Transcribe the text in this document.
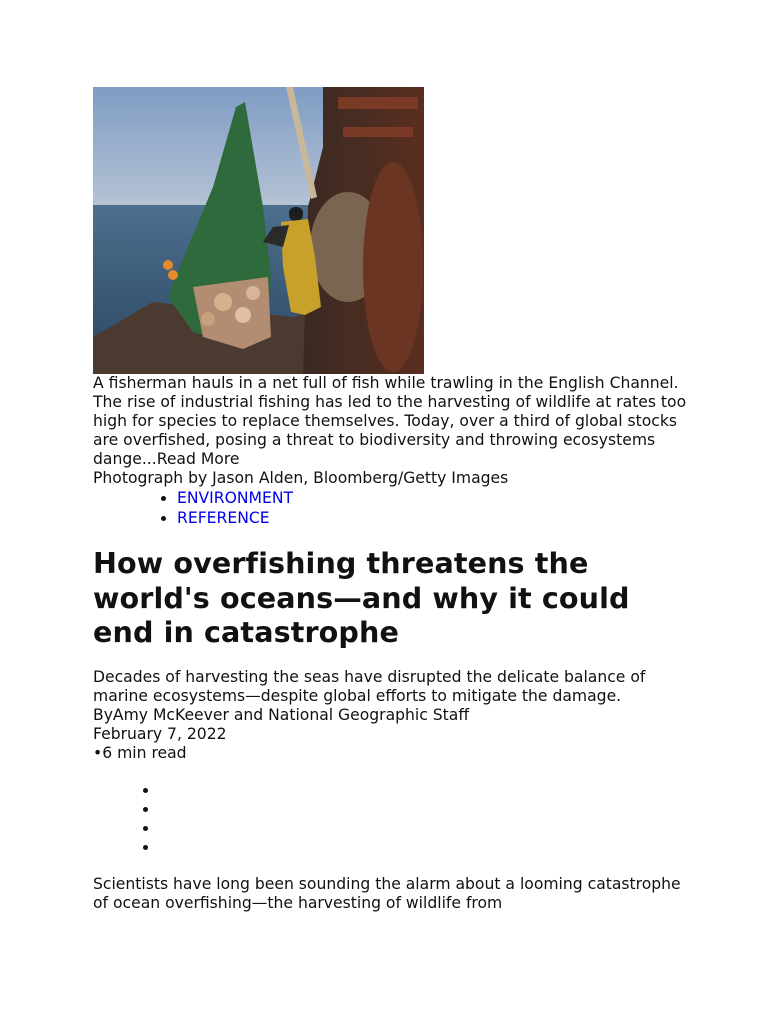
A fisherman hauls in a net full of fish while trawling in the English Channel. The rise of industrial fishing has led to the harvesting of wildlife at rates too high for species to replace themselves. Today, over a third of global stocks are overfished, posing a threat to biodiversity and throwing ecosystems dange...Read More

Photograph by Jason Alden, Bloomberg/Getty Images

• ENVIRONMENT
• REFERENCE
How overfishing threatens the world's oceans—and why it could end in catastrophe

Decades of harvesting the seas have disrupted the delicate balance of marine ecosystems—despite global efforts to mitigate the damage.

ByAmy McKeever and National Geographic Staff

February 7, 2022

•6 min read

•
•
•
•

Scientists have long been sounding the alarm about a looming catastrophe of ocean overfishing—the harvesting of wildlife from
